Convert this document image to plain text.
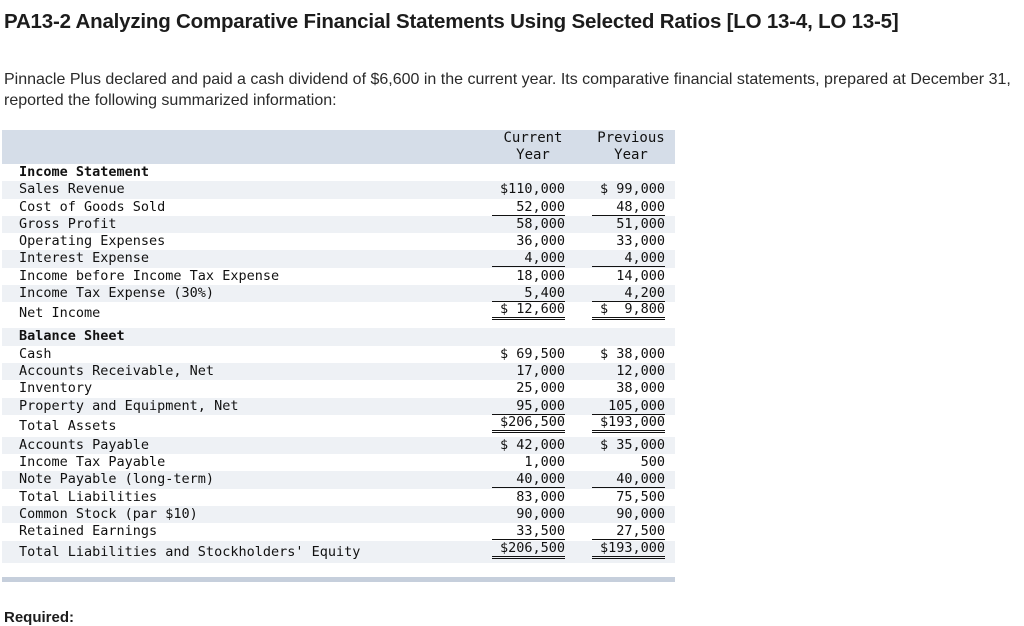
PA13-2 Analyzing Comparative Financial Statements Using Selected Ratios [LO 13-4, LO 13-5]
Pinnacle Plus declared and paid a cash dividend of $6,600 in the current year. Its comparative financial statements, prepared at December 31, reported the following summarized information:
Current
Year
Previous
Year
Income Statement
Sales Revenue	$110,000	$ 99,000
Cost of Goods Sold	52,000	48,000
Gross Profit	58,000	51,000
Operating Expenses	36,000	33,000
Interest Expense	4,000	4,000
Income before Income Tax Expense	18,000	14,000
Income Tax Expense (30%)	5,400	4,200
Net Income	$ 12,600	$  9,800
Balance Sheet
Cash	$ 69,500	$ 38,000
Accounts Receivable, Net	17,000	12,000
Inventory	25,000	38,000
Property and Equipment, Net	95,000	105,000
Total Assets	$206,500	$193,000
Accounts Payable	$ 42,000	$ 35,000
Income Tax Payable	1,000	500
Note Payable (long-term)	40,000	40,000
Total Liabilities	83,000	75,500
Common Stock (par $10)	90,000	90,000
Retained Earnings	33,500	27,500
Total Liabilities and Stockholders' Equity	$206,500	$193,000
Required:
